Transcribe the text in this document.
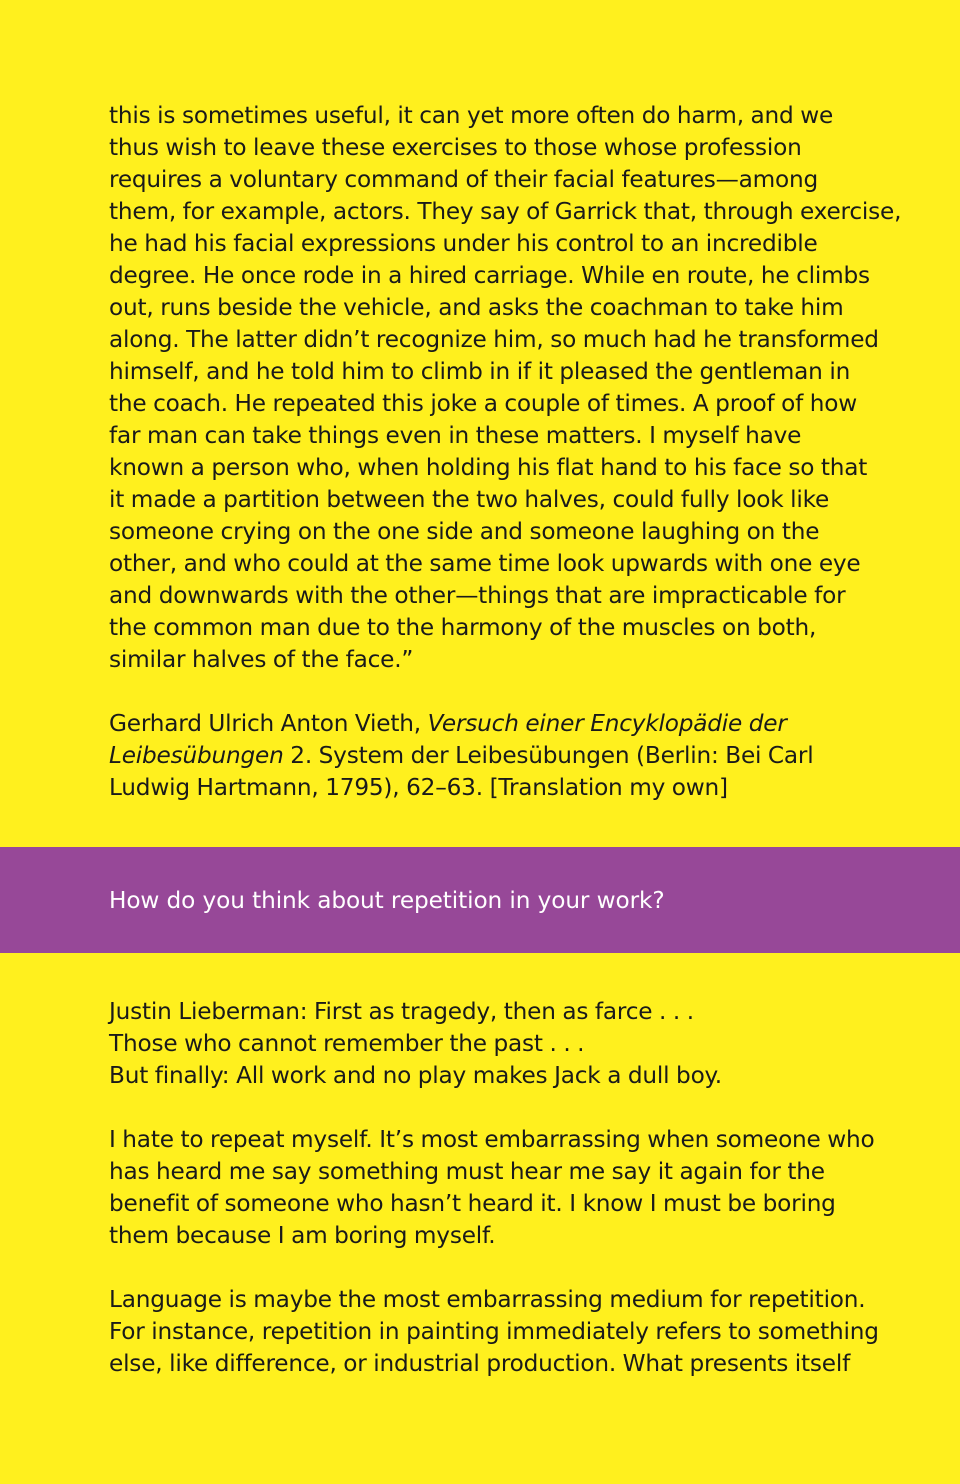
this is sometimes useful, it can yet more often do harm, and we
thus wish to leave these exercises to those whose profession
requires a voluntary command of their facial features—among
them, for example, actors. They say of Garrick that, through exercise,
he had his facial expressions under his control to an incredible
degree. He once rode in a hired carriage. While en route, he climbs
out, runs beside the vehicle, and asks the coachman to take him
along. The latter didn’t recognize him, so much had he transformed
himself, and he told him to climb in if it pleased the gentleman in
the coach. He repeated this joke a couple of times. A proof of how
far man can take things even in these matters. I myself have
known a person who, when holding his flat hand to his face so that
it made a partition between the two halves, could fully look like
someone crying on the one side and someone laughing on the
other, and who could at the same time look upwards with one eye
and downwards with the other—things that are impracticable for
the common man due to the harmony of the muscles on both,
similar halves of the face.”
Gerhard Ulrich Anton Vieth, Versuch einer Encyklopädie der
Leibesübungen 2. System der Leibesübungen (Berlin: Bei Carl
Ludwig Hartmann, 1795), 62–63. [Translation my own]
How do you think about repetition in your work?
Justin Lieberman: First as tragedy, then as farce . . .
Those who cannot remember the past . . .
But finally: All work and no play makes Jack a dull boy.
I hate to repeat myself. It’s most embarrassing when someone who
has heard me say something must hear me say it again for the
benefit of someone who hasn’t heard it. I know I must be boring
them because I am boring myself.
Language is maybe the most embarrassing medium for repetition.
For instance, repetition in painting immediately refers to something
else, like difference, or industrial production. What presents itself
